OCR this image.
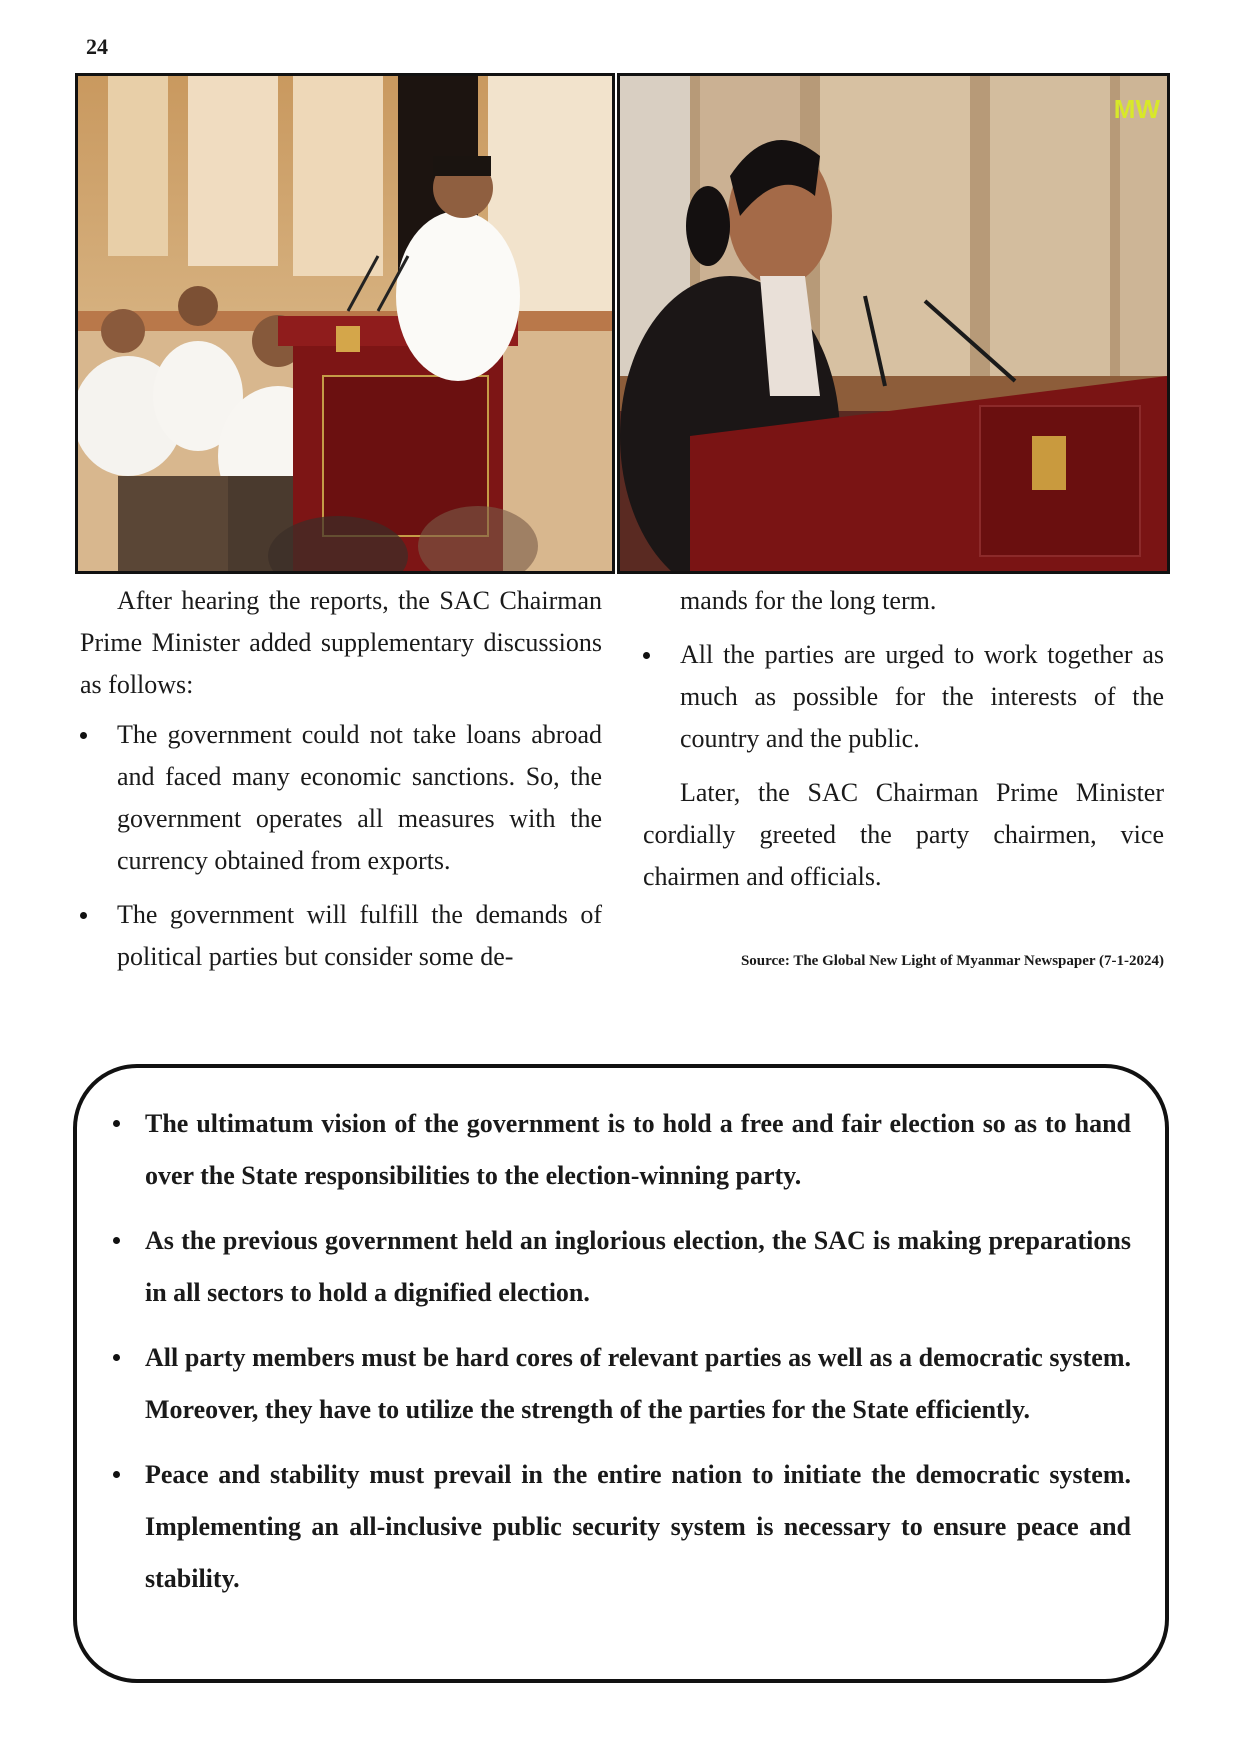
24
MW

After hearing the reports, the SAC Chairman Prime Minister added supplementary discussions as follows:

The government could not take loans abroad and faced many economic sanctions. So, the government operates all measures with the currency obtained from exports.
The government will fulfill the demands of political parties but consider some de-
mands for the long term.
All the parties are urged to work together as much as possible for the interests of the country and the public.

Later, the SAC Chairman Prime Minister cordially greeted the party chairmen, vice chairmen and officials.

Source: The Global New Light of Myanmar Newspaper (7-1-2024)
The ultimatum vision of the government is to hold a free and fair election so as to hand over the State responsibilities to the election-winning party.
As the previous government held an inglorious election, the SAC is making preparations in all sectors to hold a dignified election.
All party members must be hard cores of relevant parties as well as a democratic system. Moreover, they have to utilize the strength of the parties for the State efficiently.
Peace and stability must prevail in the entire nation to initiate the democratic system. Implementing an all-inclusive public security system is necessary to ensure peace and stability.
